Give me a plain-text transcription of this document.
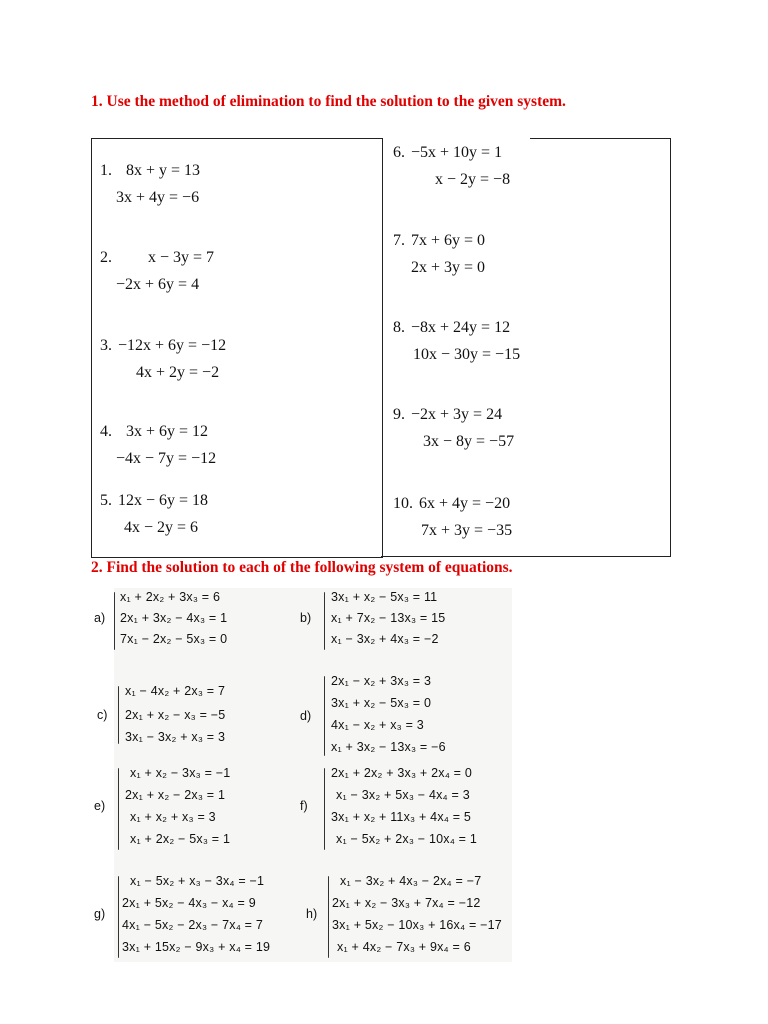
1. Use the method of elimination to find the solution to the given system.
1. 8x + y = 13
3x + 4y = −6
2. x − 3y = 7
−2x + 6y = 4
3. −12x + 6y = −12
4x + 2y = −2
4. 3x + 6y = 12
−4x − 7y = −12
5. 12x − 6y = 18
4x − 2y = 6
6. −5x + 10y = 1
x − 2y = −8
7. 7x + 6y = 0
2x + 3y = 0
8. −8x + 24y = 12
10x − 30y = −15
9. −2x + 3y = 24
3x − 8y = −57
10. 6x + 4y = −20
7x + 3y = −35
2. Find the solution to each of the following system of equations.
a)
x₁ + 2x₂ + 3x₃ = 6
2x₁ + 3x₂ − 4x₃ = 1
7x₁ − 2x₂ − 5x₃ = 0
b)
3x₁ + x₂ − 5x₃ = 11
x₁ + 7x₂ − 13x₃ = 15
x₁ − 3x₂ + 4x₃ = −2
c)
x₁ − 4x₂ + 2x₃ = 7
2x₁ + x₂ − x₃ = −5
3x₁ − 3x₂ + x₃ = 3
d)
2x₁ − x₂ + 3x₃ = 3
3x₁ + x₂ − 5x₃ = 0
4x₁ − x₂ + x₃ = 3
x₁ + 3x₂ − 13x₃ = −6
e)
x₁ + x₂ − 3x₃ = −1
2x₁ + x₂ − 2x₃ = 1
x₁ + x₂ + x₃ = 3
x₁ + 2x₂ − 5x₃ = 1
f)
2x₁ + 2x₂ + 3x₃ + 2x₄ = 0
x₁ − 3x₂ + 5x₃ − 4x₄ = 3
3x₁ + x₂ + 11x₃ + 4x₄ = 5
x₁ − 5x₂ + 2x₃ − 10x₄ = 1
g)
x₁ − 5x₂ + x₃ − 3x₄ = −1
2x₁ + 5x₂ − 4x₃ − x₄ = 9
4x₁ − 5x₂ − 2x₃ − 7x₄ = 7
3x₁ + 15x₂ − 9x₃ + x₄ = 19
h)
x₁ − 3x₂ + 4x₃ − 2x₄ = −7
2x₁ + x₂ − 3x₃ + 7x₄ = −12
3x₁ + 5x₂ − 10x₃ + 16x₄ = −17
x₁ + 4x₂ − 7x₃ + 9x₄ = 6
